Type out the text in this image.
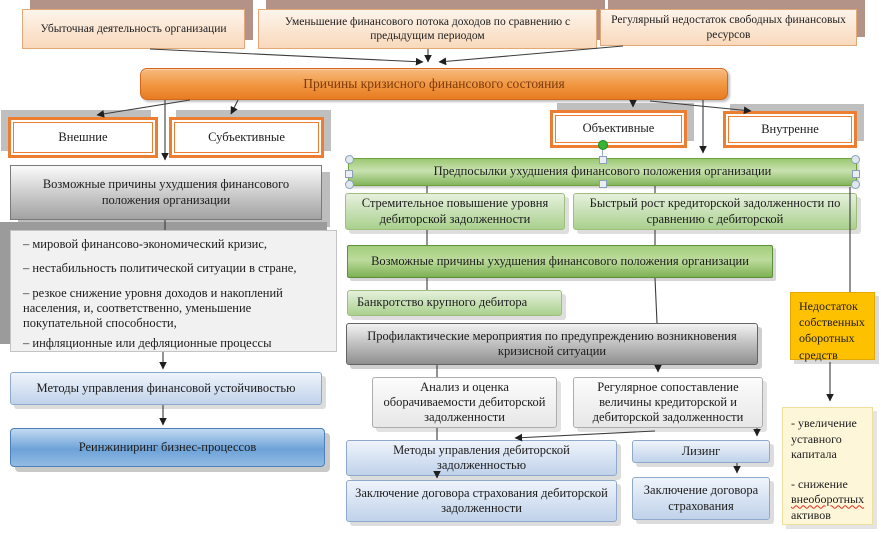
Убыточная деятельность организации
Уменьшение финансового потока доходов по сравнению с предыдущим периодом
Регулярный недостаток свободных финансовых ресурсов
Причины кризисного финансового состояния
Внешние	Субъективные
Объективные	Внутренне
Возможные причины ухудшения финансового положения организации

– мировой финансово-экономический кризис,

– нестабильность политической ситуации в стране,

– резкое снижение уровня доходов и накоплений населения, и, соответственно, уменьшение покупательной способности,

– инфляционные или дефляционные процессы

Методы управления финансовой устойчивостью
Реинжиниринг бизнес-процессов
Предпосылки ухудшения финансового положения организации
Стремительное повышение уровня дебиторской задолженности
Быстрый рост кредиторской задолженности по сравнению с дебиторской
Возможные причины ухудшения финансового положения организации
Банкротство крупного дебитора
Профилактические мероприятия по предупреждению возникновения кризисной ситуации
Анализ и оценка оборачиваемости дебиторской задолженности
Регулярное сопоставление величины кредиторской и дебиторской задолженности
Методы управления дебиторской задолженностью
Заключение договора страхования дебиторской задолженности
Лизинг
Заключение договора страхования
Недостаток собственных оборотных средств

- увеличение уставного капитала

- снижение внеоборотных активов
